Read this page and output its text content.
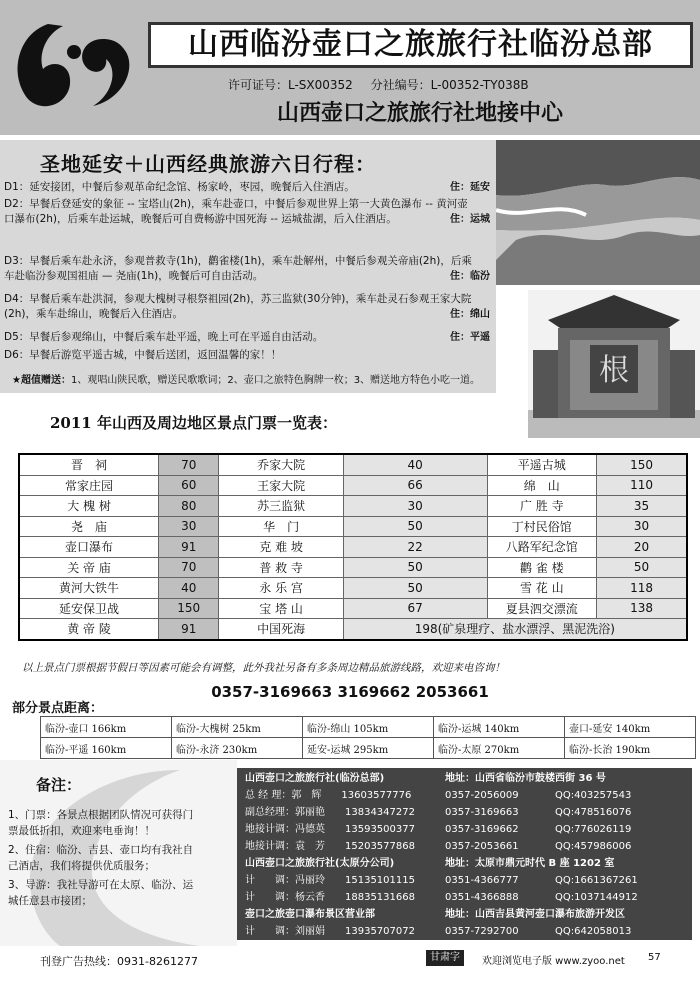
山西临汾壶口之旅旅行社临汾总部
许可证号：L-SX00352 分社编号：L-00352-TY038B
山西壶口之旅旅行社地接中心
圣地延安＋山西经典旅游六日行程：
D1：延安接团，中餐后参观革命纪念馆、杨家岭，枣园，晚餐后入住酒店。	住：延安
D2：早餐后登延安的象征 -- 宝塔山(2h)，乘车赴壶口，中餐后参观世界上第一大黄色瀑布 -- 黄河壶口瀑布(2h)，后乘车赴运城，晚餐后可自费畅游中国死海 -- 运城盐湖，后入住酒店。	住：运城
D3：早餐后乘车赴永济，参观普救寺(1h)，鹳雀楼(1h)，乘车赴解州，中餐后参观关帝庙(2h)，后乘车赴临汾参观国祖庙 — 尧庙(1h)，晚餐后可自由活动。	住：临汾
D4：早餐后乘车赴洪洞，参观大槐树寻根祭祖园(2h)，苏三监狱(30分钟)，乘车赴灵石参观王家大院(2h)，乘车赴绵山，晚餐后入住酒店。	住：绵山
D5：早餐后参观绵山，中餐后乘车赴平遥，晚上可在平遥自由活动。	住：平遥
D6：早餐后游览平遥古城，中餐后送团，返回温馨的家！！
★超值赠送：1、观唱山陕民歌，赠送民歌歌词；2、壶口之旅特色胸牌一枚；3、赠送地方特色小吃一道。	根
2011 年山西及周边地区景点门票一览表：
晋　祠	70	乔家大院	40	平遥古城	150
常家庄园	60	王家大院	66	绵　山	110
大 槐 树	80	苏三监狱	30	广 胜 寺	35
尧　庙	30	华　门	50	丁村民俗馆	30
壶口瀑布	91	克 难 坡	22	八路军纪念馆	20
关 帝 庙	70	普 救 寺	50	鹳 雀 楼	50
黄河大铁牛	40	永 乐 宫	50	雪 花 山	118
延安保卫战	150	宝 塔 山	67	夏县泗交漂流	138
黄 帝 陵	91	中国死海	198(矿泉理疗、盐水漂浮、黑泥洗浴)		
以上景点门票根据节假日等因素可能会有调整，此外我社另备有多条周边精品旅游线路，欢迎来电咨询！
0357-3169663 3169662 2053661
部分景点距离：
临汾-壶口 166km	临汾-大槐树 25km	临汾-绵山 105km	临汾-运城 140km	壶口-延安 140km
临汾-平遥 160km	临汾-永济 230km	延安-运城 295km	临汾-太原 270km	临汾-长治 190km
备注：

1、门票：各景点根据团队情况可获得门票最低折扣，欢迎来电垂询！！

2、住宿：临汾、吉县、壶口均有我社自己酒店，我们将提供优质服务；

3、导游：我社导游可在太原、临汾、运城任意县市接团；

山西壶口之旅旅行社(临汾总部)	地址：山西省临汾市鼓楼西街 36 号
总 经 理：郭　辉　　13603577776	0357-2056009	QQ:403257543
副总经理：郭丽艳　　13834347272	0357-3169663	QQ:478516076
地接计调：冯德英　　13593500377	0357-3169662	QQ:776026119
地接计调：袁　芳　　15203577868	0357-2053661	QQ:457986006
山西壶口之旅旅行社(太原分公司)	地址：太原市鼎元时代 B 座 1202 室
计　　调：冯丽玲　　15135101115	0351-4366777	QQ:1661367261
计　　调：杨云香　　18835131668	0351-4366888	QQ:1037144912
壶口之旅壶口瀑布景区营业部	地址：山西吉县黄河壶口瀑布旅游开发区
计　　调：刘丽娟　　13935707072	0357-7292700	QQ:642058013
刊登广告热线：0931-8261277	甘肃字版
欢迎浏览电子版 www.zyoo.net 57
